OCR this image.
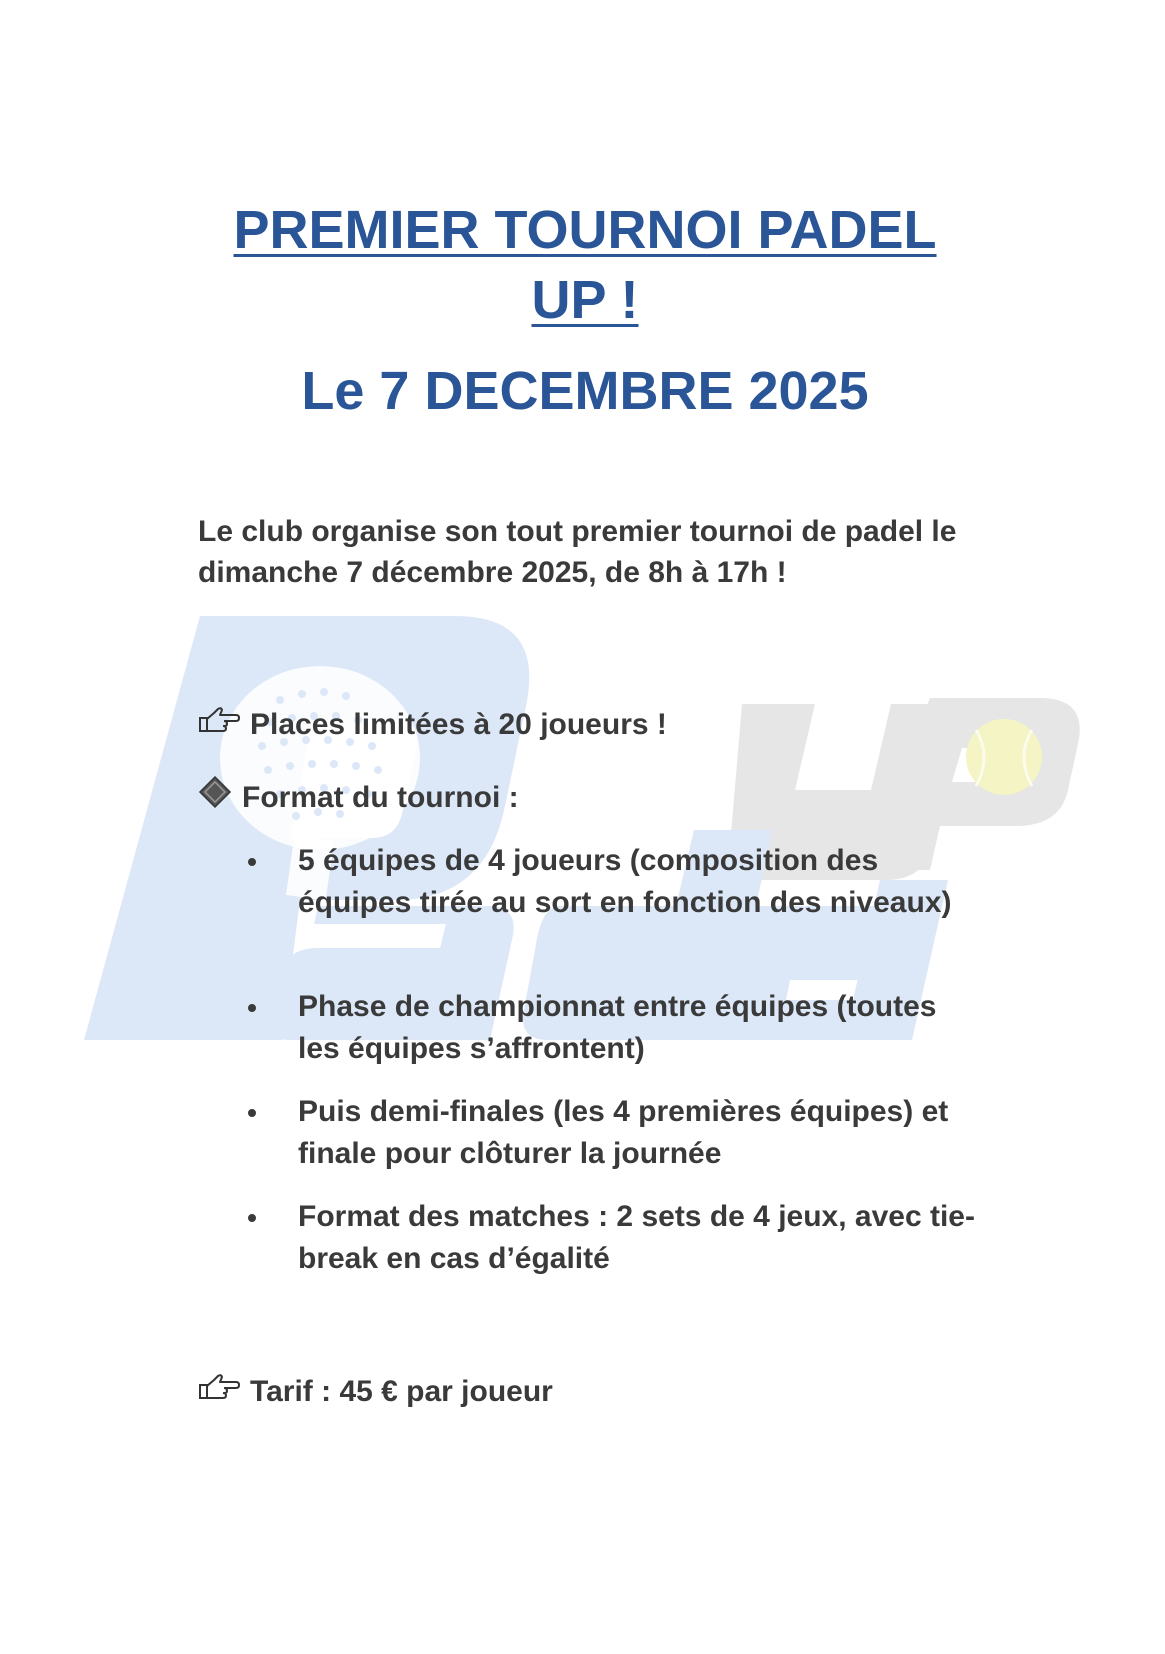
PREMIER TOURNOI PADEL
UP !
Le 7 DECEMBRE 2025

Le club organise son tout premier tournoi de padel le dimanche 7 décembre 2025, de 8h à 17h !

Places limitées à 20 joueurs !

Format du tournoi :

5 équipes de 4 joueurs (composition des équipes tirée au sort en fonction des niveaux)
Phase de championnat entre équipes (toutes les équipes s’affrontent)
Puis demi-finales (les 4 premières équipes) et finale pour clôturer la journée
Format des matches : 2 sets de 4 jeux, avec tie-break en cas d’égalité

Tarif : 45 € par joueur
